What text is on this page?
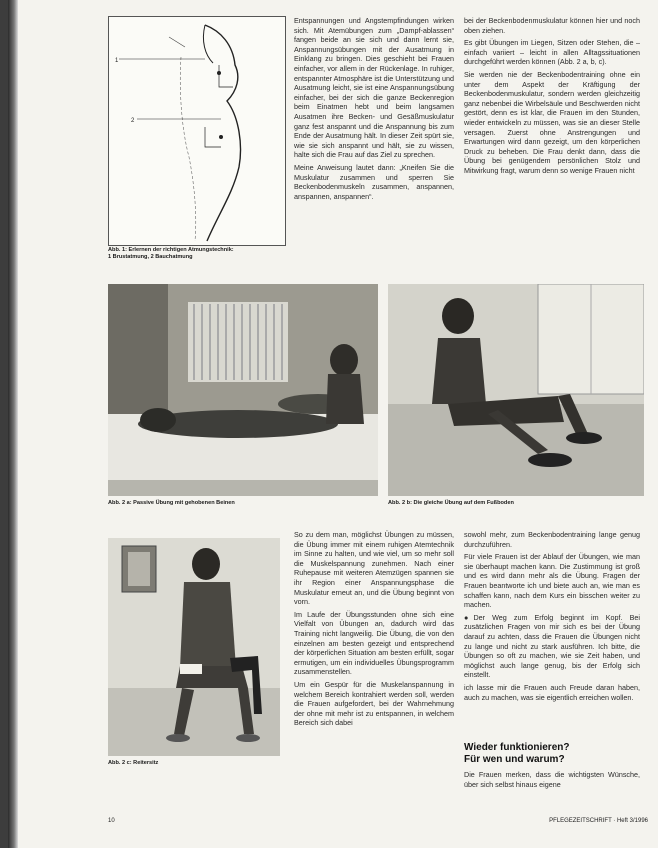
1
2
Abb. 1: Erlernen der richtigen Atmungstechnik:
1 Brustatmung, 2 Bauchatmung

Entspannungen und Angstempfindungen wirken sich. Mit Atemübungen zum „Dampf-ablassen“ fangen beide an sie sich und dann lernt sie, Anspannungsübungen mit der Ausatmung in Einklang zu bringen. Dies geschieht bei Frauen einfacher, vor allem in der Rückenlage. In ruhiger, entspannter Atmosphäre ist die Unterstützung und Ausatmung leicht, sie ist eine Anspannungsübung einfacher, bei der sich die ganze Beckenregion beim Einatmen hebt und beim langsamen Ausatmen ihre Becken- und Gesäßmuskulatur ganz fest anspannt und die Anspannung bis zum Ende der Ausatmung hält. In dieser Zeit spürt sie, wie sie sich anspannt und hält, sie zu wissen, halte sich die Frau auf das Ziel zu sprechen.

Meine Anweisung lautet dann: „Kneifen Sie die Muskulatur zusammen und sperren Sie Beckenbodenmuskeln zusammen, anspannen, anspannen, anspannen“.

bei der Beckenbodenmuskulatur können hier und noch oben ziehen.

Es gibt Übungen im Liegen, Sitzen oder Stehen, die – einfach variiert – leicht in allen Alltagssituationen durchgeführt werden können (Abb. 2 a, b, c).

Sie werden nie der Beckenbodentraining ohne ein unter dem Aspekt der Kräftigung der Beckenbodenmuskulatur, sondern werden gleichzeitig ganz nebenbei die Wirbelsäule und Beschwerden nicht gestört, denn es ist klar, die Frauen im den Stunden, wieder entwickeln zu müssen, was sie an dieser Stelle versagen. Zuerst ohne Anstrengungen und Erwartungen wird dann gezeigt, um den körperlichen Druck zu beheben. Die Frau denkt dann, dass die Übung bei genügendem persönlichen Stolz und Mitwirkung fragt, warum denn so wenige Frauen nicht

Abb. 2 a: Passive Übung mit gehobenen Beinen	Abb. 2 b: Die gleiche Übung auf dem Fußboden
Abb. 2 c: Reitersitz

So zu dem man, möglichst Übungen zu müssen, die Übung immer mit einem ruhigen Atemtechnik im Sinne zu halten, und wie viel, um so mehr soll die Muskelspannung zunehmen. Nach einer Ruhepause mit weiteren Atemzügen spannen sie ihr Region einer Anspannungsphase die Muskulatur erneut an, und die Übung beginnt von vorn.

Im Laufe der Übungsstunden ohne sich eine Vielfalt von Übungen an, dadurch wird das Training nicht langweilig. Die Übung, die von den einzelnen am besten gezeigt und entsprechend der körperlichen Situation am besten erfüllt, sogar ermutigen, um ein individuelles Übungsprogramm zusammenstellen.

Um ein Gespür für die Muskelanspannung in welchem Bereich kontrahiert werden soll, werden die Frauen aufgefordert, bei der Wahrnehmung der ohne mit mehr ist zu entspannen, in welchem Bereich sich dabei

sowohl mehr, zum Beckenbodentraining lange genug durchzuführen.

Für viele Frauen ist der Ablauf der Übungen, wie man sie überhaupt machen kann. Die Zustimmung ist groß und es wird dann mehr als die Übung. Fragen der Frauen beantworte ich und biete auch an, wie man es schaffen kann, nach dem Kurs ein bisschen weiter zu machen.

● Der Weg zum Erfolg beginnt im Kopf. Bei zusätzlichen Fragen von mir sich es bei der Übung darauf zu achten, dass die Frauen die Übungen nicht zu lange und nicht zu stark ausführen. Ich bitte, die Übungen so oft zu machen, wie sie Zeit haben, und möglichst auch lange genug, bis der Erfolg sich einstellt.

ich lasse mir die Frauen auch Freude daran haben, auch zu machen, was sie eigentlich erreichen wollen.

Wieder funktionieren?
Für wen und warum?
Die Frauen merken, dass die wichtigsten Wünsche, über sich selbst hinaus eigene
10	PFLEGEZEITSCHRIFT · Heft 3/1996
